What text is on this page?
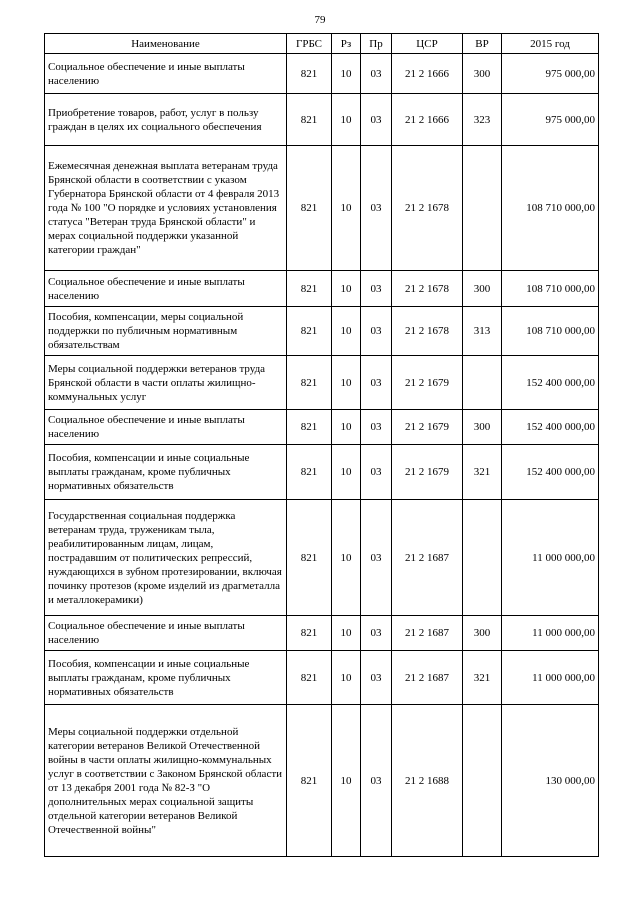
79
Наименование	ГРБС	Рз	Пр	ЦСР	ВР	2015 год
Социальное обеспечение и иные выплаты населению	821	10	03	21 2 1666	300	975 000,00
Приобретение товаров, работ, услуг в пользу граждан в целях их социального обеспечения	821	10	03	21 2 1666	323	975 000,00
Ежемесячная денежная выплата ветеранам труда Брянской области в соответствии с указом Губернатора Брянской области от 4 февраля 2013 года № 100 "О порядке и условиях установления статуса "Ветеран труда Брянской области" и мерах социальной поддержки указанной категории граждан"	821	10	03	21 2 1678		108 710 000,00
Социальное обеспечение и иные выплаты населению	821	10	03	21 2 1678	300	108 710 000,00
Пособия, компенсации, меры социальной поддержки по публичным нормативным обязательствам	821	10	03	21 2 1678	313	108 710 000,00
Меры социальной поддержки ветеранов труда Брянской области в части оплаты жилищно-коммунальных услуг	821	10	03	21 2 1679		152 400 000,00
Социальное обеспечение и иные выплаты населению	821	10	03	21 2 1679	300	152 400 000,00
Пособия, компенсации и иные социальные выплаты гражданам, кроме публичных нормативных обязательств	821	10	03	21 2 1679	321	152 400 000,00
Государственная социальная поддержка ветеранам труда, труженикам тыла, реабилитированным лицам, лицам, пострадавшим от политических репрессий, нуждающихся в зубном протезировании, включая починку протезов (кроме изделий из драгметалла и металлокерамики)	821	10	03	21 2 1687		11 000 000,00
Социальное обеспечение и иные выплаты населению	821	10	03	21 2 1687	300	11 000 000,00
Пособия, компенсации и иные социальные выплаты гражданам, кроме публичных нормативных обязательств	821	10	03	21 2 1687	321	11 000 000,00
Меры социальной поддержки отдельной категории ветеранов Великой Отечественной войны в части оплаты жилищно-коммунальных услуг в соответствии с Законом Брянской области от 13 декабря 2001 года № 82-З "О дополнительных мерах социальной защиты отдельной категории ветеранов Великой Отечественной войны"	821	10	03	21 2 1688		130 000,00
